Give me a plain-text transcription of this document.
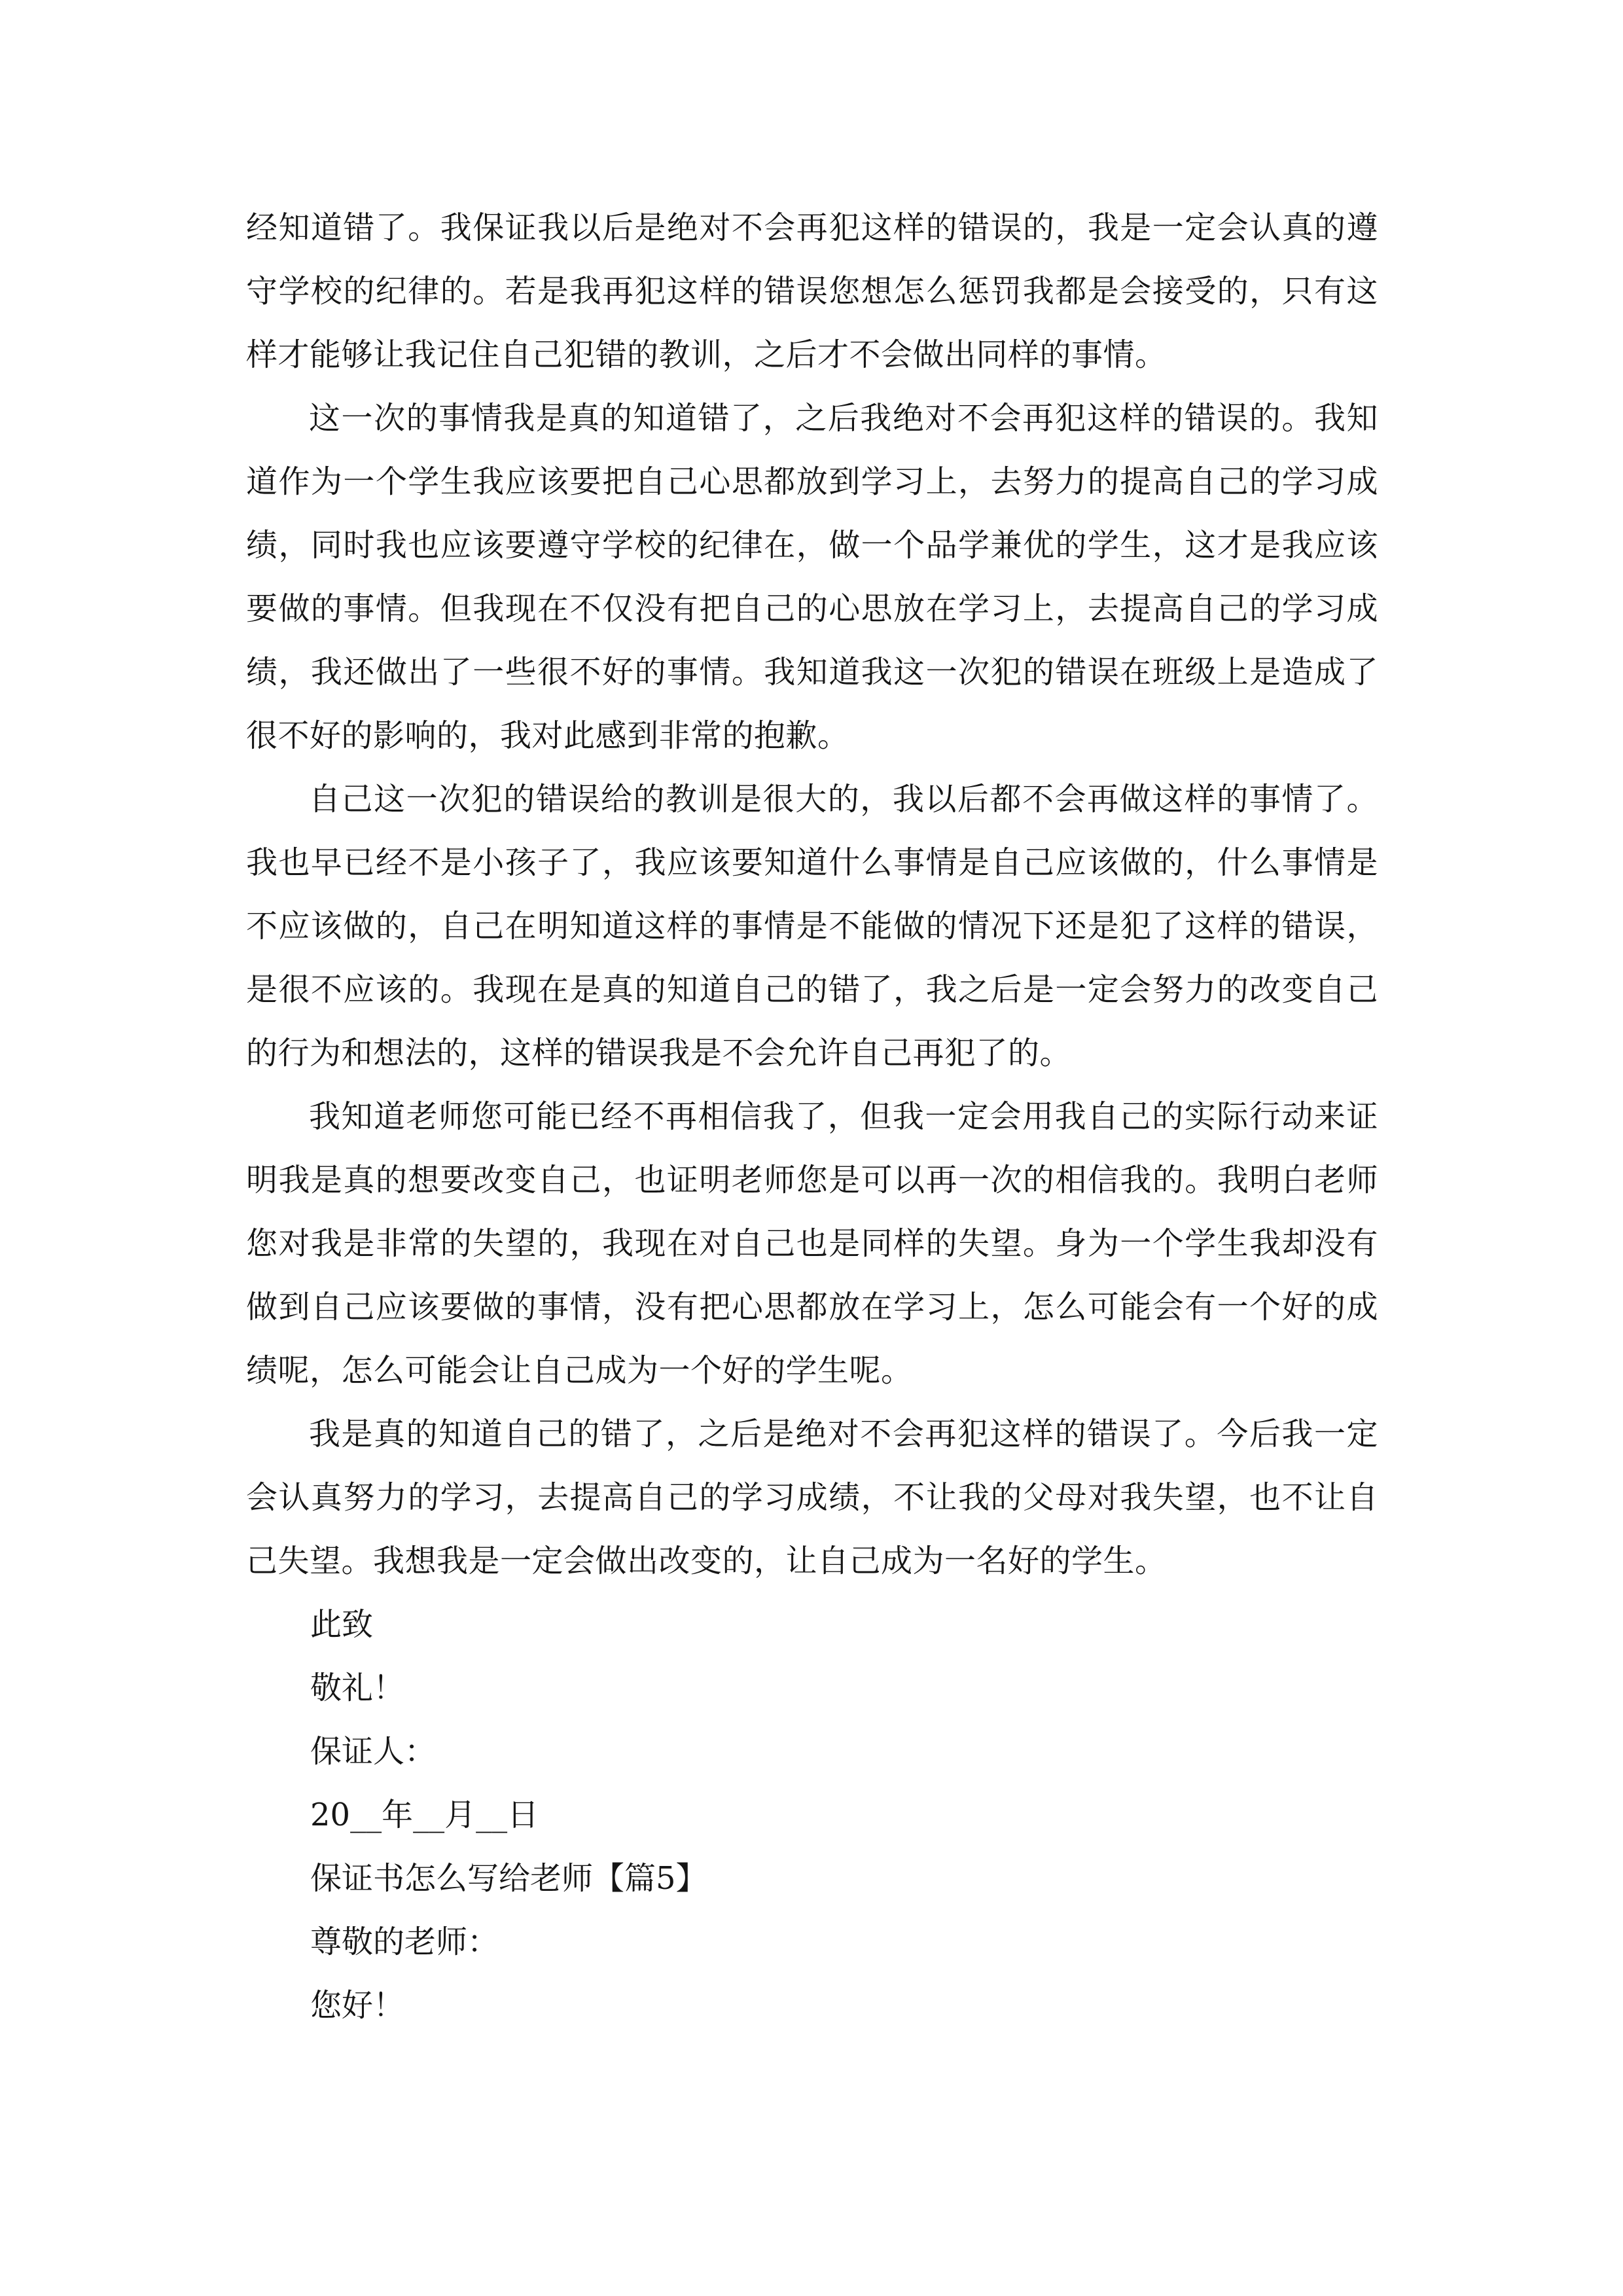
经知道错了。我保证我以后是绝对不会再犯这样的错误的，我是一定会认真的遵守学校的纪律的。若是我再犯这样的错误您想怎么惩罚我都是会接受的，只有这样才能够让我记住自己犯错的教训，之后才不会做出同样的事情。

这一次的事情我是真的知道错了，之后我绝对不会再犯这样的错误的。我知道作为一个学生我应该要把自己心思都放到学习上，去努力的提高自己的学习成绩，同时我也应该要遵守学校的纪律在，做一个品学兼优的学生，这才是我应该要做的事情。但我现在不仅没有把自己的心思放在学习上，去提高自己的学习成绩，我还做出了一些很不好的事情。我知道我这一次犯的错误在班级上是造成了很不好的影响的，我对此感到非常的抱歉。

自己这一次犯的错误给的教训是很大的，我以后都不会再做这样的事情了。我也早已经不是小孩子了，我应该要知道什么事情是自己应该做的，什么事情是不应该做的，自己在明知道这样的事情是不能做的情况下还是犯了这样的错误，是很不应该的。我现在是真的知道自己的错了，我之后是一定会努力的改变自己的行为和想法的，这样的错误我是不会允许自己再犯了的。

我知道老师您可能已经不再相信我了，但我一定会用我自己的实际行动来证明我是真的想要改变自己，也证明老师您是可以再一次的相信我的。我明白老师您对我是非常的失望的，我现在对自己也是同样的失望。身为一个学生我却没有做到自己应该要做的事情，没有把心思都放在学习上，怎么可能会有一个好的成绩呢，怎么可能会让自己成为一个好的学生呢。

我是真的知道自己的错了，之后是绝对不会再犯这样的错误了。今后我一定会认真努力的学习，去提高自己的学习成绩，不让我的父母对我失望，也不让自己失望。我想我是一定会做出改变的，让自己成为一名好的学生。

此致

敬礼！

保证人：

20__年__月__日

保证书怎么写给老师【篇5】

尊敬的老师：

您好！
